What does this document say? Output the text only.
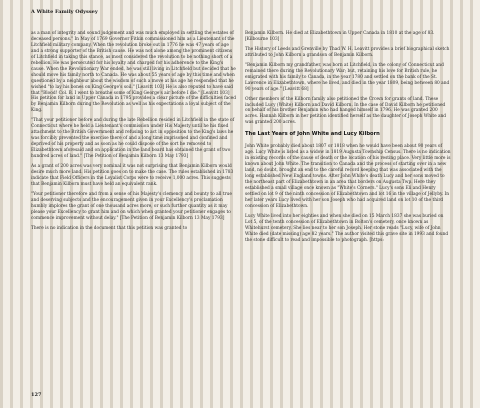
A White Family Odyssey

as a man of integrity and sound judgement and was much employed in settling the estates of deceased persons." In May of 1769 Governor Fitkin commissioned him as a Lieutenant of the Litchfield military company. When the revolution broke out in 1776 he was 47 years of age and a strong supporter of the British cause. He was not alone among the prominent citizens of Litchfield in taking this stance, as most considered the revolution to be nothing short of a rebellion. He was persecuted for his loyalty and charged for his adherence to the King's cause. When the Revolutionary War ended, he was still living in Litchfield but decided that he should move his family north to Canada. He was about 55 years of age by this time and when questioned by a neighbour about the wisdom of such a move at his age he responded that he wished "to lay his bones on King George's soil." [Leavitt 103] He is also reputed to have said that "Blood! Col. B. I went to breathe some of King George's air before I die." [Leavitt 103] His petition for land in Upper Canada in 1795 provides a clear picture of the difficulties faced by Benjamin Kilborn during the Revolution as well as his expectations a loyal subject of the King.

"That your petitioner before and during the late Rebellion resided in Litchfield in the state of Connecticut where he held a Lieutenant's commission under His Majesty until he his fixed attachment to the British Government and refusing to act in opposition to the King's laws he was forcibly prevented the exercise there of and a long time imprisoned and confined and deprived of his property and as soon as he could dispose of the sort he removed to Elizabethtown aforesaid and on application in the land board has obtained the grant of two hundred acres of land." [The Petition of Benjamin Kilborn 13 May 1793]

As a grant of 200 acres was very nominal it was not surprising that Benjamin Kilborn would desire much more land. His petition goes on to make the case. The rules established in 1783 indicate that Field Officers in the Loyalist Corps were to receive 1,000 acres. This suggests that Benjamin Kilborn must have held an equivalent rank.

"Your petitioner therefore and from a sense of his Majesty's clemency and bounty to all true and deserving subjects and the encouragement given in your Excellency's proclamation humbly implores the grant of one thousand acres more, or such further quantity as it may please your Excellency to grant him and on which when granted your petitioner engages to commence improvement without delay." [The Petition of Benjamin Kilborn 13 May 1793]

There is no indication in the document that this petition was granted to

Benjamin Kilborn. He died at Elizabethtown in Upper Canada in 1810 at the age of 83. [Kilbourne 103]

The History of Leeds and Grenville by Thad W. H. Leavitt provides a brief biographical sketch attributed to John Kilborn a grandson of Benjamin Kilborn.

"Benjamin Kilborn my grandfather, was born at Litchfield, in the colony of Connecticut and remained there during the Revolutionary War; but, retaining his love for British rule, he emigrated with his family to Canada, in the year 1780 and settled on the bank of the St. Lawrence in Elizabethtown, where he lived, and died in the year 1809, being between 80 and 90 years of age." [Leavitt 68]

Other members of the Kilborn family also petitioned the Crown for grants of land. These included Lucy (White) Kilborn and David Kilborn. In the case of David Kilborn he petitioned on behalf of his brother Benjamin who had hanged himself in 1796. He was granted 200 acres. Hannah Kilborn in her petition identified herself as the daughter of Joseph White and was granted 200 acres.

The Last Years of John White and Lucy Kilborn

John White probably died about 1807 or 1818 when he would have been about 90 years of age. Lucy White is listed as a widow in 1819 Augusta Township Census. There is no indication in existing records of the cause of death or the location of his resting place. Very little more is known about John White. The transition to Canada and the process of starting over in a new land, no doubt, brought an end to the careful record keeping that was associated with the long established New England towns. After John White's death Lucy and her sons moved to the northeast part of Elizabethtown in an area that borders on Augusta Twp. Here they established a small village once known as "White's Corners." Lucy's sons Eli and Henry settled on lot 9 of the ninth concession of Elizabethtown and lot 16 in the village of Jellyby. In her later years Lucy lived with her son Joseph who had acquired land on lot 10 of the third concession of Elizabethtown.

Lucy White lived into her eighties and when she died on 15 March 1837 she was buried on Lot 5, of the tenth concession of Elizabethtown in Bolton's cemetery, once known as Whitehurst cemetery. She lies near to her son Joseph. Her stone reads "Lucy, wife of John White died (date missing) age 82 years." The author visited this grave site in 1993 and found the stone difficult to read and impossible to photograph. [https:

127
